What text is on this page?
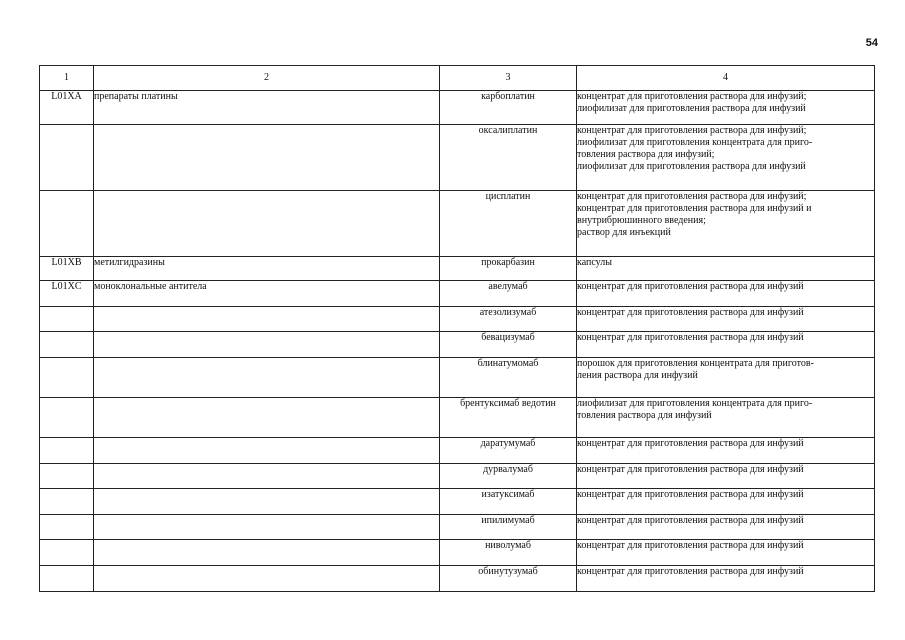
54
1	2	3	4
L01XA	препараты платины	карбоплатин	концентрат для приготовления раствора для инфузий;
лиофилизат для приготовления раствора для инфузий

		оксалиплатин	концентрат для приготовления раствора для инфузий;
лиофилизат для приготовления концентрата для приго-
товления раствора для инфузий;
лиофилизат для приготовления раствора для инфузий

		цисплатин	концентрат для приготовления раствора для инфузий;
концентрат для приготовления раствора для инфузий и
внутрибрюшинного введения;
раствор для инъекций

L01XB	метилгидразины	прокарбазин	капсулы

L01XC	моноклональные антитела	авелумаб	концентрат для приготовления раствора для инфузий

		атезолизумаб	концентрат для приготовления раствора для инфузий

		бевацизумаб	концентрат для приготовления раствора для инфузий

		блинатумомаб	порошок для приготовления концентрата для приготов-
ления раствора для инфузий

		брентуксимаб ведотин	лиофилизат для приготовления концентрата для приго-
товления раствора для инфузий

		даратумумаб	концентрат для приготовления раствора для инфузий

		дурвалумаб	концентрат для приготовления раствора для инфузий

		изатуксимаб	концентрат для приготовления раствора для инфузий

		ипилимумаб	концентрат для приготовления раствора для инфузий

		ниволумаб	концентрат для приготовления раствора для инфузий

		обинутузумаб	концентрат для приготовления раствора для инфузий
